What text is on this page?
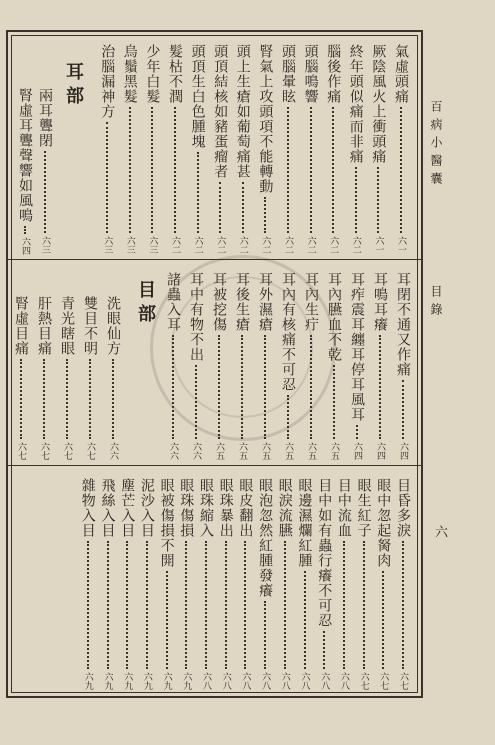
百病小醫囊
目錄
六
氣虛頭痛
六一
厥陰風火上衝頭痛
六一
終年頭似痛而非痛
六二
腦後作痛
六二
頭腦鳴響
六二
頭腦暈眩
六二
腎氣上攻頭項不能轉動
六二
頭上生瘡如葡萄痛甚
六二
頭頂結核如豬蛋瘤者
六二
頭頂生白色腫塊
六二
髮枯不潤
六二
少年白髮
六三
烏鬚黑髮
六三
治腦漏神方
六三
耳部
兩耳聾閉
六三
腎虛耳聾聲響如風鳴
六四
耳閉不通又作痛
六四
耳鳴耳癢
六四
耳痄震耳纏耳停耳風耳
六四
耳內臙血不乾
六五
耳內生疔
六五
耳內有核痛不可忍
六五
耳外濕瘡
六五
耳後生瘡
六五
耳被挖傷
六五
耳中有物不出
六六
諸蟲入耳
六六
目部
洗眼仙方
六六
雙目不明
六七
青光瞎眼
六七
肝熱目痛
六七
腎虛目痛
六七
目昏多淚
六七
眼中忽起胬肉
六七
眼生紅子
六七
目中流血
六八
目中如有蟲行癢不可忍
六八
眼邊濕爛紅腫
六八
眼淚流臙
六八
眼泡忽然紅腫發癢
六八
眼皮翻出
六八
眼珠暴出
六八
眼珠縮入
六八
眼珠傷損
六九
眼被傷損不開
六九
泥沙入目
六九
塵芒入目
六九
飛絲入目
六九
雜物入目
六九
